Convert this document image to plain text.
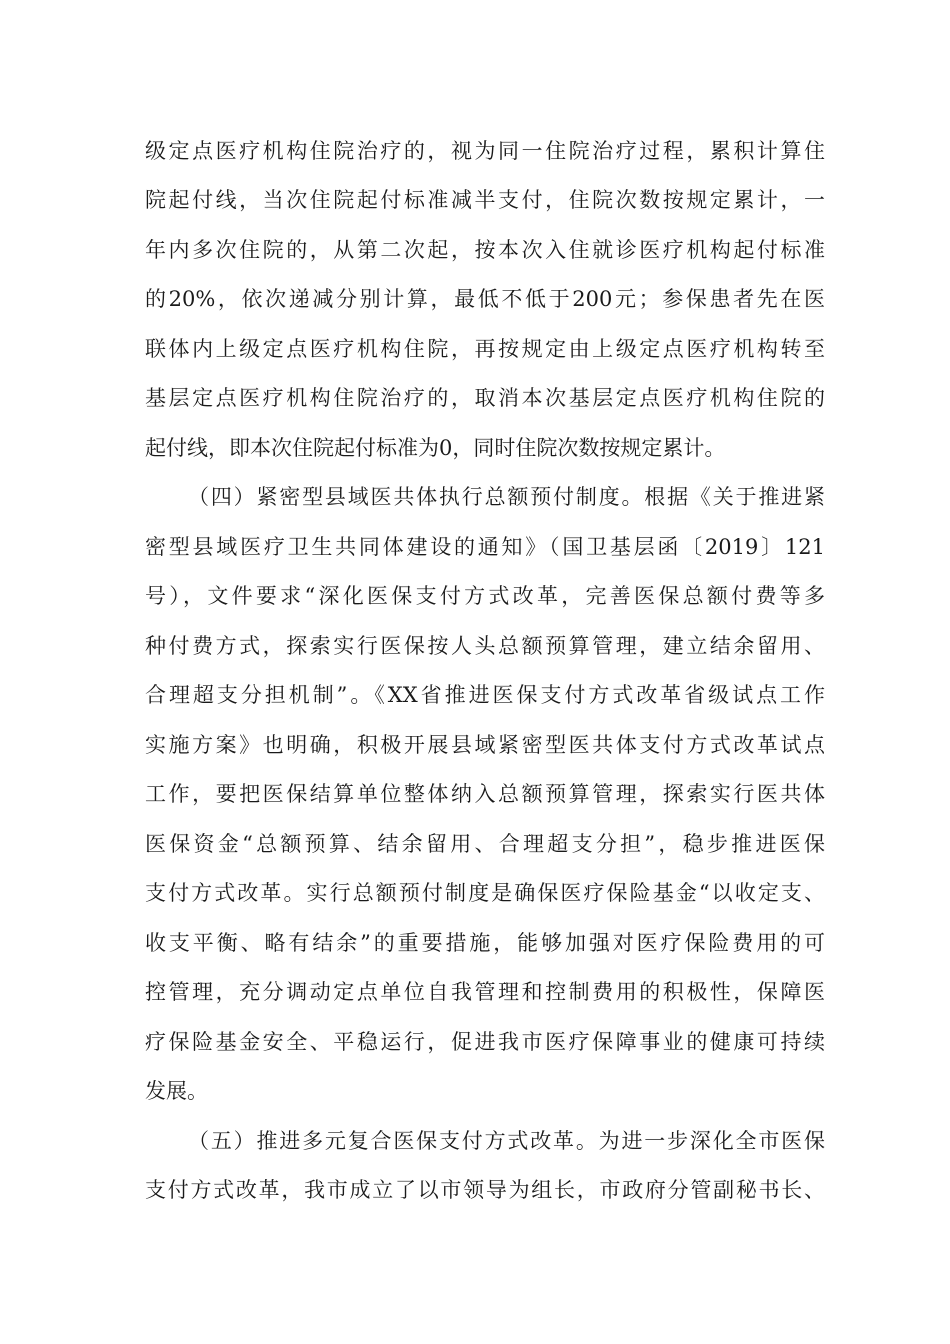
级定点医疗机构住院治疗的，视为同一住院治疗过程，累积计算住
院起付线，当次住院起付标准减半支付，住院次数按规定累计，一
年内多次住院的，从第二次起，按本次入住就诊医疗机构起付标准
的20%，依次递减分别计算，最低不低于200元；参保患者先在医
联体内上级定点医疗机构住院，再按规定由上级定点医疗机构转至
基层定点医疗机构住院治疗的，取消本次基层定点医疗机构住院的
起付线，即本次住院起付标准为0，同时住院次数按规定累计。
（四）紧密型县域医共体执行总额预付制度。根据《关于推进紧
密型县域医疗卫生共同体建设的通知》（国卫基层函〔2019〕121
号），文件要求“深化医保支付方式改革，完善医保总额付费等多
种付费方式，探索实行医保按人头总额预算管理，建立结余留用、
合理超支分担机制”。《XX省推进医保支付方式改革省级试点工作
实施方案》也明确，积极开展县域紧密型医共体支付方式改革试点
工作，要把医保结算单位整体纳入总额预算管理，探索实行医共体
医保资金“总额预算、结余留用、合理超支分担”，稳步推进医保
支付方式改革。实行总额预付制度是确保医疗保险基金“以收定支、
收支平衡、略有结余”的重要措施，能够加强对医疗保险费用的可
控管理，充分调动定点单位自我管理和控制费用的积极性，保障医
疗保险基金安全、平稳运行，促进我市医疗保障事业的健康可持续
发展。
（五）推进多元复合医保支付方式改革。为进一步深化全市医保
支付方式改革，我市成立了以市领导为组长，市政府分管副秘书长、
